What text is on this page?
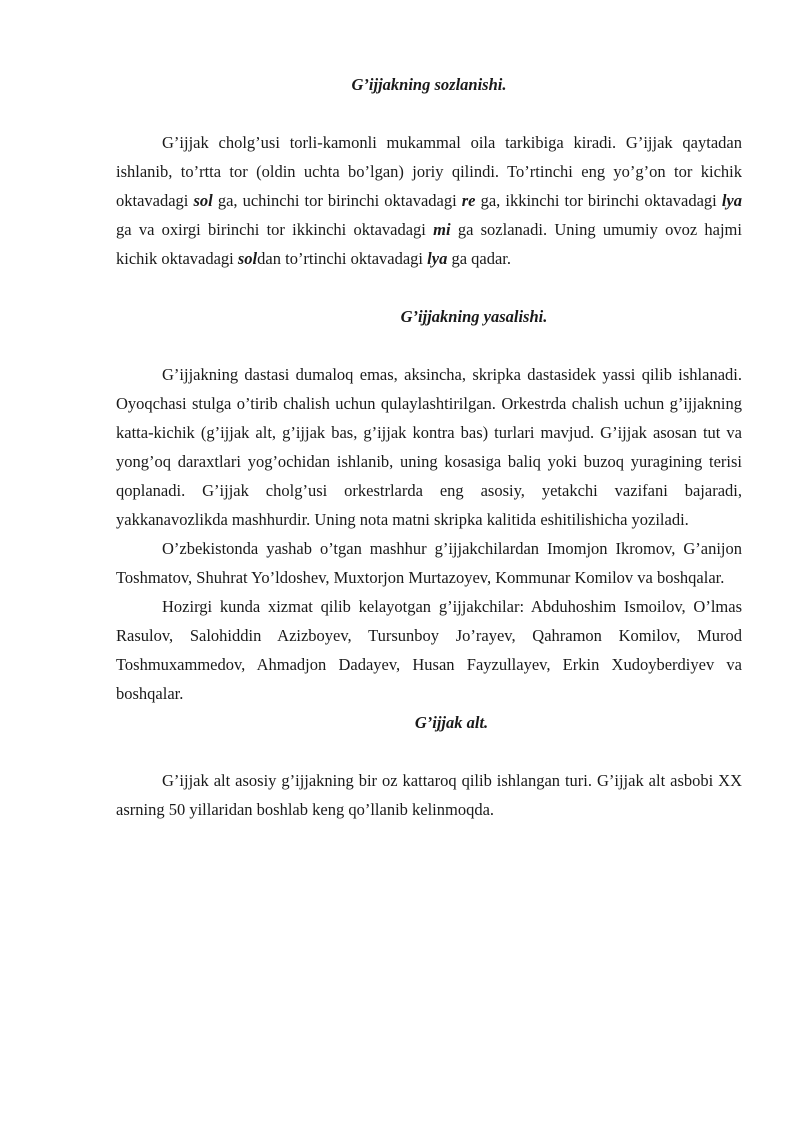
G’ijjakning sozlanishi.

G’ijjak cholg’usi torli-kamonli mukammal oila tarkibiga kiradi. G’ijjak qaytadan ishlanib, to’rtta tor (oldin uchta bo’lgan) joriy qilindi. To’rtinchi eng yo’g’on tor kichik oktavadagi sol ga, uchinchi tor birinchi oktavadagi re ga, ikkinchi tor birinchi oktavadagi lya ga va oxirgi birinchi tor ikkinchi oktavadagi mi ga sozlanadi. Uning umumiy ovoz hajmi kichik oktavadagi soldan to’rtinchi oktavadagi lya ga qadar.

G’ijjakning yasalishi.

G’ijjakning dastasi dumaloq emas, aksincha, skripka dastasidek yassi qilib ishlanadi. Oyoqchasi stulga o’tirib chalish uchun qulaylashtirilgan. Orkestrda chalish uchun g’ijjakning katta-kichik (g’ijjak alt, g’ijjak bas, g’ijjak kontra bas) turlari mavjud. G’ijjak asosan tut va yong’oq daraxtlari yog’ochidan ishlanib, uning kosasiga baliq yoki buzoq yuragining terisi qoplanadi. G’ijjak cholg’usi orkestrlarda eng asosiy, yetakchi vazifani bajaradi, yakkanavozlikda mashhurdir. Uning nota matni skripka kalitida eshitilishicha yoziladi.

O’zbekistonda yashab o’tgan mashhur g’ijjakchilardan Imomjon Ikromov, G’anijon Toshmatov, Shuhrat Yo’ldoshev, Muxtorjon Murtazoyev, Kommunar Komilov va boshqalar.

Hozirgi kunda xizmat qilib kelayotgan g’ijjakchilar: Abduhoshim Ismoilov, O’lmas Rasulov, Salohiddin Azizboyev, Tursunboy Jo’rayev, Qahramon Komilov, Murod Toshmuxammedov, Ahmadjon Dadayev, Husan Fayzullayev, Erkin Xudoyberdiyev va boshqalar.

G’ijjak alt.

G’ijjak alt asosiy g’ijjakning bir oz kattaroq qilib ishlangan turi. G’ijjak alt asbobi XX asrning 50 yillaridan boshlab keng qo’llanib kelinmoqda.
